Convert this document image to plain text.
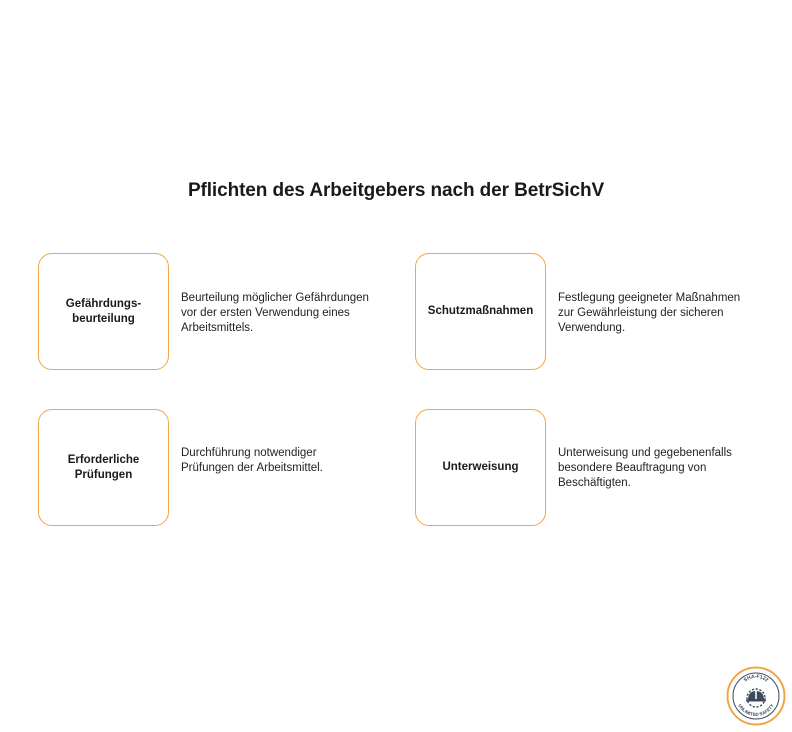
Pflichten des Arbeitgebers nach der BetrSichV
Gefährdungs-
beurteilung
Beurteilung möglicher Gefährdungen vor der ersten Verwendung eines Arbeitsmittels.
Schutzmaßnahmen
Festlegung geeigneter Maßnahmen zur Gewährleistung der sicheren Verwendung.
Erforderliche
Prüfungen
Durchführung notwendiger Prüfungen der Arbeitsmittel.	Unterweisung
Unterweisung und gegebenenfalls besondere Beauftragung von Beschäftigten.
SHA-F122
UNLIMITED SAFETY
